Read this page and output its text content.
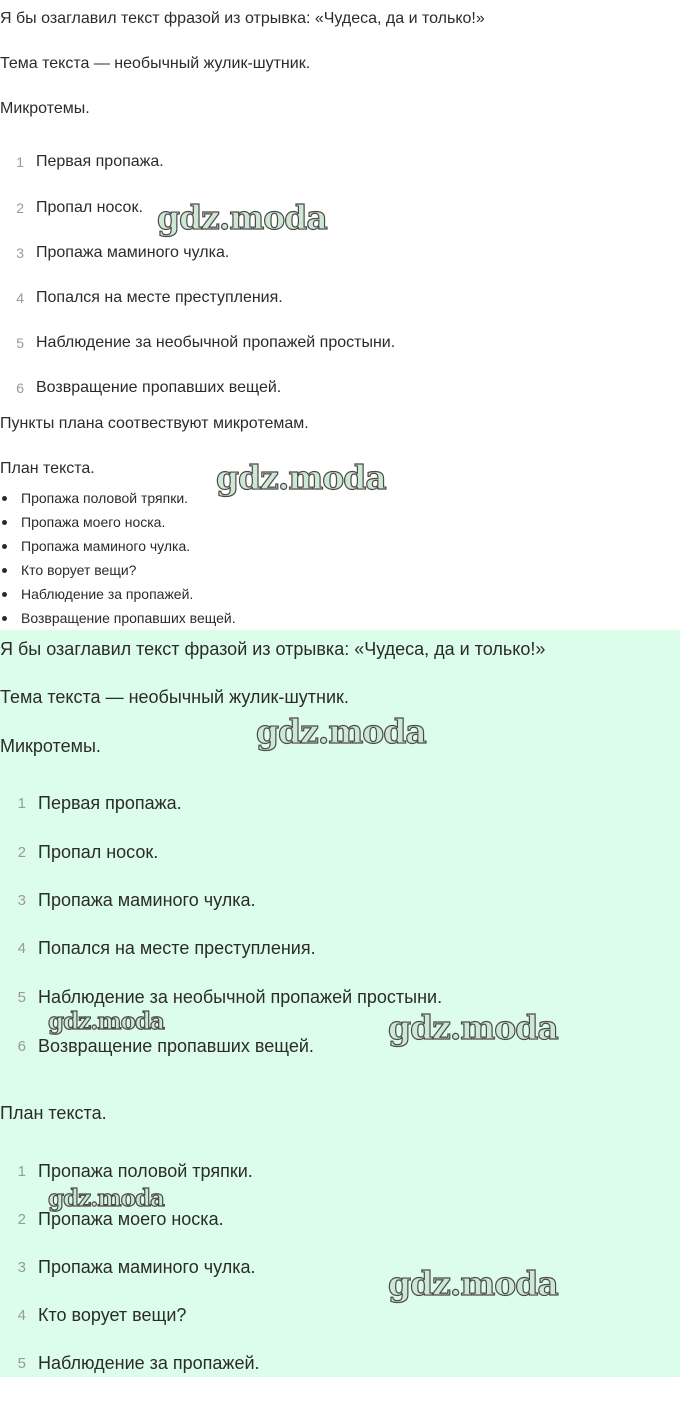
Я бы озаглавил текст фразой из отрывка: «Чудеса, да и только!»

Тема текста — необычный жулик-шутник.

Микротемы.

1 Первая пропажа.
2 Пропал носок.
3 Пропажа маминого чулка.
4 Попался на месте преступления.
5 Наблюдение за необычной пропажей простыни.
6 Возвращение пропавших вещей.

Пункты плана соотвествуют микротемам.

План текста.

Пропажа половой тряпки.
Пропажа моего носка.
Пропажа маминого чулка.
Кто ворует вещи?
Наблюдение за пропажей.
Возвращение пропавших вещей.
gdz.moda
gdz.moda

Я бы озаглавил текст фразой из отрывка: «Чудеса, да и только!»

Тема текста — необычный жулик-шутник.

Микротемы.

1 Первая пропажа.
2 Пропал носок.
3 Пропажа маминого чулка.
4 Попался на месте преступления.
5 Наблюдение за необычной пропажей простыни.
6 Возвращение пропавших вещей.

План текста.

1 Пропажа половой тряпки.
2 Пропажа моего носка.
3 Пропажа маминого чулка.
4 Кто ворует вещи?
5 Наблюдение за пропажей.
gdz.moda
gdz.moda	gdz.moda
gdz.moda
gdz.moda
